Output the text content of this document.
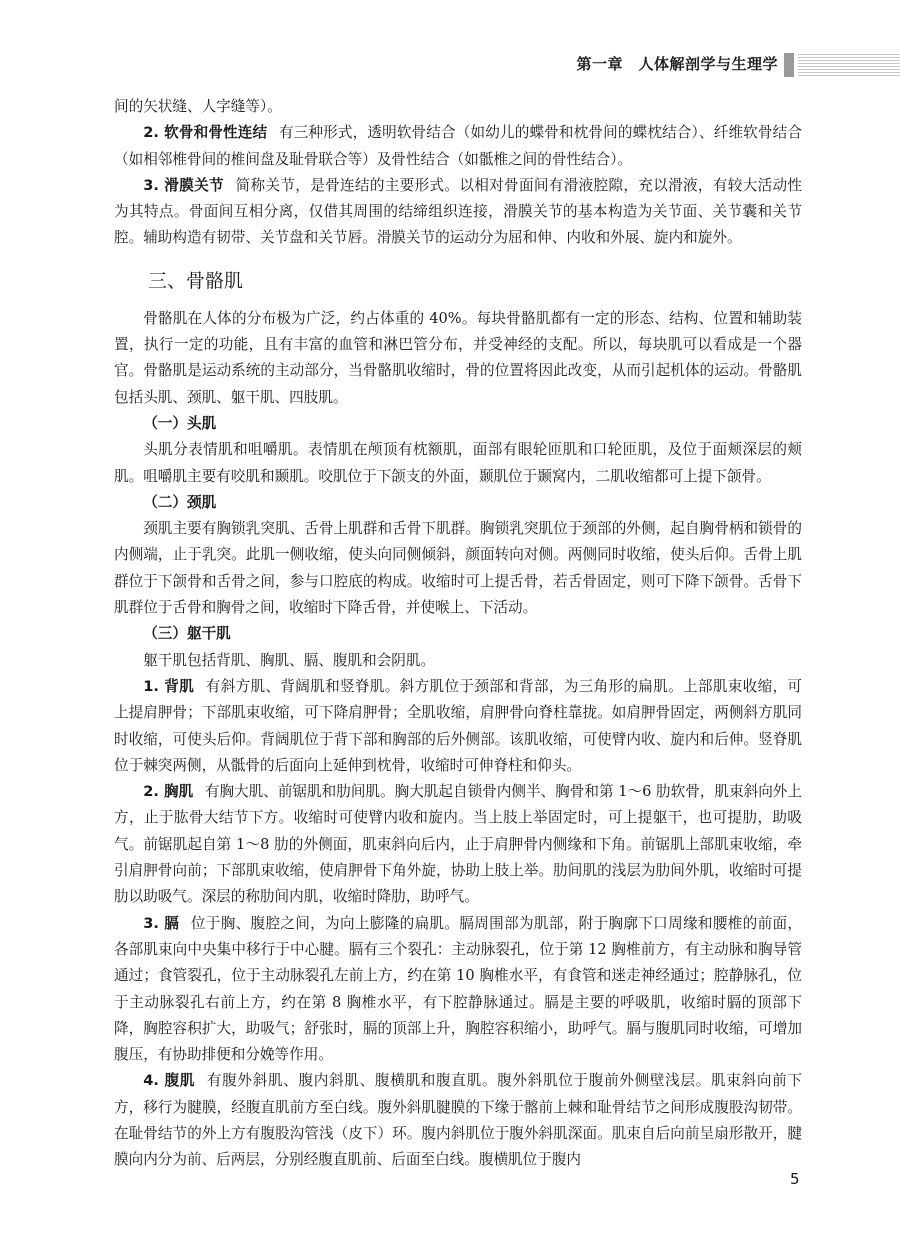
第一章　人体解剖学与生理学

间的矢状缝、人字缝等）。

2. 软骨和骨性连结 有三种形式，透明软骨结合（如幼儿的蝶骨和枕骨间的蝶枕结合）、纤维软骨结合（如相邻椎骨间的椎间盘及耻骨联合等）及骨性结合（如骶椎之间的骨性结合）。

3. 滑膜关节 简称关节，是骨连结的主要形式。以相对骨面间有滑液腔隙，充以滑液，有较大活动性为其特点。骨面间互相分离，仅借其周围的结缔组织连接，滑膜关节的基本构造为关节面、关节囊和关节腔。辅助构造有韧带、关节盘和关节唇。滑膜关节的运动分为屈和伸、内收和外展、旋内和旋外。

三、骨骼肌

骨骼肌在人体的分布极为广泛，约占体重的 40%。每块骨骼肌都有一定的形态、结构、位置和辅助装置，执行一定的功能，且有丰富的血管和淋巴管分布，并受神经的支配。所以，每块肌可以看成是一个器官。骨骼肌是运动系统的主动部分，当骨骼肌收缩时，骨的位置将因此改变，从而引起机体的运动。骨骼肌包括头肌、颈肌、躯干肌、四肢肌。

（一）头肌

头肌分表情肌和咀嚼肌。表情肌在颅顶有枕额肌，面部有眼轮匝肌和口轮匝肌，及位于面颊深层的颊肌。咀嚼肌主要有咬肌和颞肌。咬肌位于下颌支的外面，颞肌位于颞窝内，二肌收缩都可上提下颌骨。

（二）颈肌

颈肌主要有胸锁乳突肌、舌骨上肌群和舌骨下肌群。胸锁乳突肌位于颈部的外侧，起自胸骨柄和锁骨的内侧端，止于乳突。此肌一侧收缩，使头向同侧倾斜，颜面转向对侧。两侧同时收缩，使头后仰。舌骨上肌群位于下颌骨和舌骨之间，参与口腔底的构成。收缩时可上提舌骨，若舌骨固定，则可下降下颌骨。舌骨下肌群位于舌骨和胸骨之间，收缩时下降舌骨，并使喉上、下活动。

（三）躯干肌

躯干肌包括背肌、胸肌、膈、腹肌和会阴肌。

1. 背肌 有斜方肌、背阔肌和竖脊肌。斜方肌位于颈部和背部，为三角形的扁肌。上部肌束收缩，可上提肩胛骨；下部肌束收缩，可下降肩胛骨；全肌收缩，肩胛骨向脊柱靠拢。如肩胛骨固定，两侧斜方肌同时收缩，可使头后仰。背阔肌位于背下部和胸部的后外侧部。该肌收缩，可使臂内收、旋内和后伸。竖脊肌位于棘突两侧，从骶骨的后面向上延伸到枕骨，收缩时可伸脊柱和仰头。

2. 胸肌 有胸大肌、前锯肌和肋间肌。胸大肌起自锁骨内侧半、胸骨和第 1～6 肋软骨，肌束斜向外上方，止于肱骨大结节下方。收缩时可使臂内收和旋内。当上肢上举固定时，可上提躯干，也可提肋，助吸气。前锯肌起自第 1～8 肋的外侧面，肌束斜向后内，止于肩胛骨内侧缘和下角。前锯肌上部肌束收缩，牵引肩胛骨向前；下部肌束收缩，使肩胛骨下角外旋，协助上肢上举。肋间肌的浅层为肋间外肌，收缩时可提肋以助吸气。深层的称肋间内肌，收缩时降肋，助呼气。

3. 膈 位于胸、腹腔之间，为向上膨隆的扁肌。膈周围部为肌部，附于胸廓下口周缘和腰椎的前面，各部肌束向中央集中移行于中心腱。膈有三个裂孔：主动脉裂孔，位于第 12 胸椎前方，有主动脉和胸导管通过；食管裂孔，位于主动脉裂孔左前上方，约在第 10 胸椎水平，有食管和迷走神经通过；腔静脉孔，位于主动脉裂孔右前上方，约在第 8 胸椎水平，有下腔静脉通过。膈是主要的呼吸肌，收缩时膈的顶部下降，胸腔容积扩大，助吸气；舒张时，膈的顶部上升，胸腔容积缩小，助呼气。膈与腹肌同时收缩，可增加腹压，有协助排便和分娩等作用。

4. 腹肌 有腹外斜肌、腹内斜肌、腹横肌和腹直肌。腹外斜肌位于腹前外侧壁浅层。肌束斜向前下方，移行为腱膜，经腹直肌前方至白线。腹外斜肌腱膜的下缘于髂前上棘和耻骨结节之间形成腹股沟韧带。在耻骨结节的外上方有腹股沟管浅（皮下）环。腹内斜肌位于腹外斜肌深面。肌束自后向前呈扇形散开，腱膜向内分为前、后两层，分别经腹直肌前、后面至白线。腹横肌位于腹内

5
